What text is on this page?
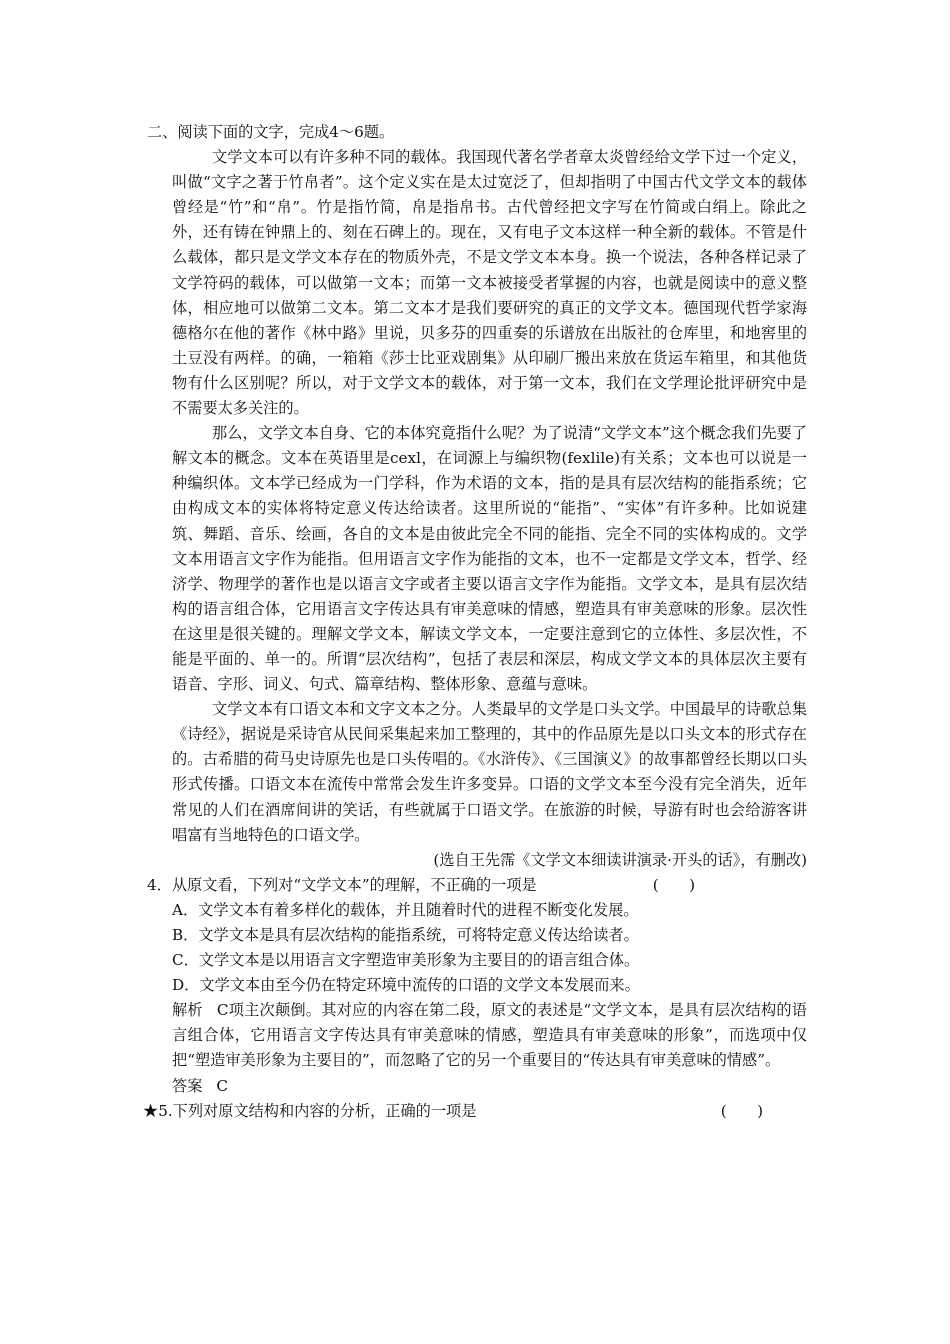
二、阅读下面的文字，完成4～6题。

文学文本可以有许多种不同的载体。我国现代著名学者章太炎曾经给文学下过一个定义，叫做“文字之著于竹帛者”。这个定义实在是太过宽泛了，但却指明了中国古代文学文本的载体曾经是“竹”和“帛”。竹是指竹简，帛是指帛书。古代曾经把文字写在竹简或白绢上。除此之外，还有铸在钟鼎上的、刻在石碑上的。现在，又有电子文本这样一种全新的载体。不管是什么载体，都只是文学文本存在的物质外壳，不是文学文本本身。换一个说法，各种各样记录了文学符码的载体，可以做第一文本；而第一文本被接受者掌握的内容，也就是阅读中的意义整体，相应地可以做第二文本。第二文本才是我们要研究的真正的文学文本。德国现代哲学家海德格尔在他的著作《林中路》里说，贝多芬的四重奏的乐谱放在出版社的仓库里，和地窖里的土豆没有两样。的确，一箱箱《莎士比亚戏剧集》从印刷厂搬出来放在货运车箱里，和其他货物有什么区别呢？所以，对于文学文本的载体，对于第一文本，我们在文学理论批评研究中是不需要太多关注的。

那么，文学文本自身、它的本体究竟指什么呢？为了说清“文学文本”这个概念我们先要了解文本的概念。文本在英语里是cexl，在词源上与编织物(fexlile)有关系；文本也可以说是一种编织体。文本学已经成为一门学科，作为术语的文本，指的是具有层次结构的能指系统；它由构成文本的实体将特定意义传达给读者。这里所说的“能指”、“实体”有许多种。比如说建筑、舞蹈、音乐、绘画，各自的文本是由彼此完全不同的能指、完全不同的实体构成的。文学文本用语言文字作为能指。但用语言文字作为能指的文本，也不一定都是文学文本，哲学、经济学、物理学的著作也是以语言文字或者主要以语言文字作为能指。文学文本，是具有层次结构的语言组合体，它用语言文字传达具有审美意味的情感，塑造具有审美意味的形象。层次性在这里是很关键的。理解文学文本，解读文学文本，一定要注意到它的立体性、多层次性，不能是平面的、单一的。所谓“层次结构”，包括了表层和深层，构成文学文本的具体层次主要有语音、字形、词义、句式、篇章结构、整体形象、意蕴与意味。

文学文本有口语文本和文字文本之分。人类最早的文学是口头文学。中国最早的诗歌总集《诗经》，据说是采诗官从民间采集起来加工整理的，其中的作品原先是以口头文本的形式存在的。古希腊的荷马史诗原先也是口头传唱的。《水浒传》、《三国演义》的故事都曾经长期以口头形式传播。口语文本在流传中常常会发生许多变异。口语的文学文本至今没有完全消失，近年常见的人们在酒席间讲的笑话，有些就属于口语文学。在旅游的时候，导游有时也会给游客讲唱富有当地特色的口语文学。

(选自王先霈《文学文本细读讲演录·开头的话》，有删改)

4．从原文看，下列对“文学文本”的理解，不正确的一项是	(　　)

A．文学文本有着多样化的载体，并且随着时代的进程不断变化发展。

B．文学文本是具有层次结构的能指系统，可将特定意义传达给读者。

C．文学文本是以用语言文字塑造审美形象为主要目的的语言组合体。

D．文学文本由至今仍在特定环境中流传的口语的文学文本发展而来。

解析 C项主次颠倒。其对应的内容在第二段，原文的表述是“文学文本，是具有层次结构的语言组合体，它用语言文字传达具有审美意味的情感，塑造具有审美意味的形象”，而选项中仅把“塑造审美形象为主要目的”，而忽略了它的另一个重要目的“传达具有审美意味的情感”。

答案 C

★5.下列对原文结构和内容的分析，正确的一项是	(　　)
